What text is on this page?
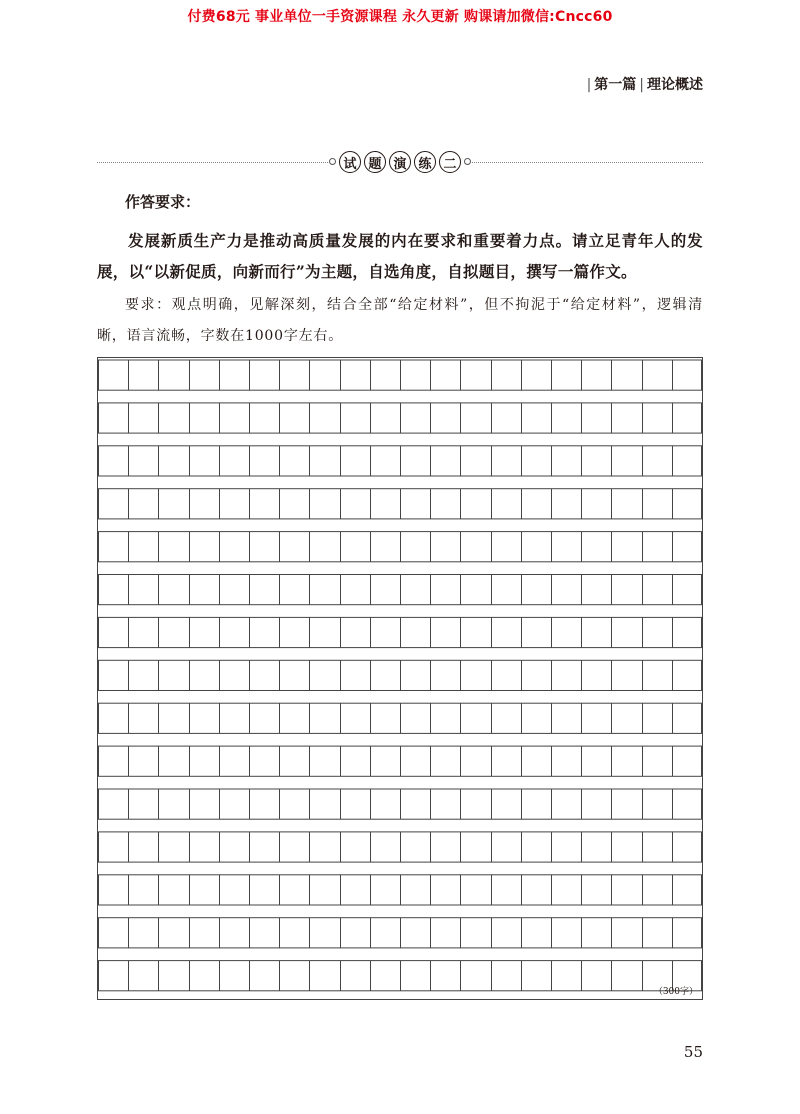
付费68元 事业单位一手资源课程 永久更新 购课请加微信:Cncc60
| 第一篇 | 理论概述
试 题 演 练 二
作答要求：
发展新质生产力是推动高质量发展的内在要求和重要着力点。请立足青年人的发展，以“以新促质，向新而行”为主题，自选角度，自拟题目，撰写一篇作文。
要求：观点明确，见解深刻，结合全部“给定材料”，但不拘泥于“给定材料”，逻辑清晰，语言流畅，字数在1000字左右。
（300字）
55
